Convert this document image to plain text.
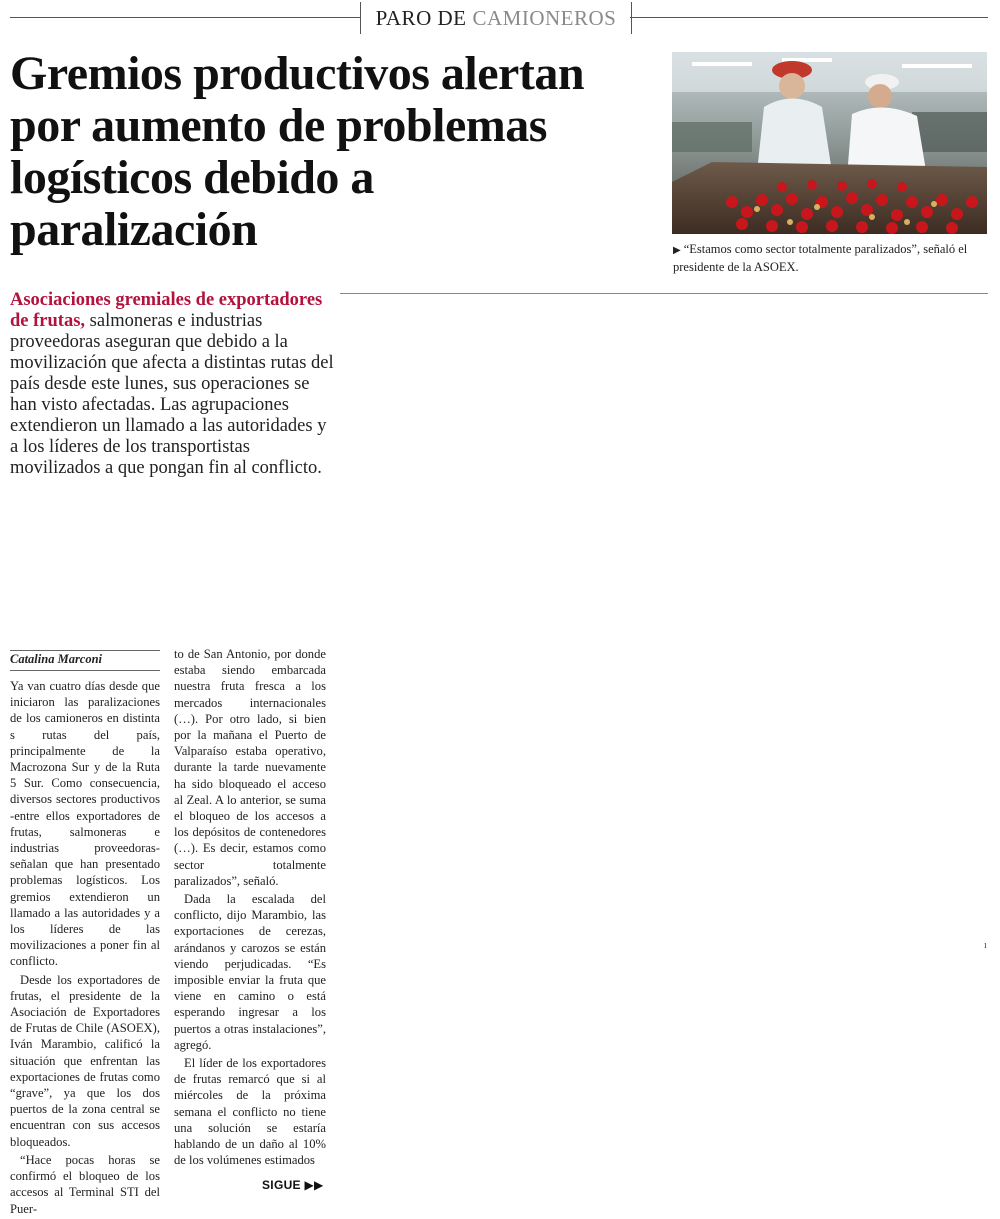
PARO DE CAMIONEROS
Gremios productivos alertan por aumento de problemas logísticos debido a paralización	▶ “Estamos como sector totalmente paralizados”, señaló el presidente de la ASOEX.

Asociaciones gremiales de exportadores de frutas, salmoneras e industrias proveedoras aseguran que debido a la movilización que afecta a distintas rutas del país desde este lunes, sus operaciones se han visto afectadas. Las agrupaciones extendieron un llamado a las autoridades y a los líderes de los transportistas movilizados a que pongan fin al conflicto.

Catalina Marconi

Ya van cuatro días desde que iniciaron las paralizaciones de los camioneros en distinta s rutas del país, principalmente de la Macrozona Sur y de la Ruta 5 Sur. Como consecuencia, diversos sectores productivos -entre ellos exportadores de frutas, salmoneras e industrias proveedoras- señalan que han presentado problemas logísticos. Los gremios extendieron un llamado a las autoridades y a los líderes de las movilizaciones a poner fin al conflicto.

Desde los exportadores de frutas, el presidente de la Asociación de Exportadores de Frutas de Chile (ASOEX), Iván Marambio, calificó la situación que enfrentan las exportaciones de frutas como “grave”, ya que los dos puertos de la zona central se encuentran con sus accesos bloqueados.

“Hace pocas horas se confirmó el bloqueo de los accesos al Terminal STI del Puer-

to de San Antonio, por donde estaba siendo embarcada nuestra fruta fresca a los mercados internacionales (…). Por otro lado, si bien por la mañana el Puerto de Valparaíso estaba operativo, durante la tarde nuevamente ha sido bloqueado el acceso al Zeal. A lo anterior, se suma el bloqueo de los accesos a los depósitos de contenedores (…). Es decir, estamos como sector totalmente paralizados”, señaló.

Dada la escalada del conflicto, dijo Marambio, las exportaciones de cerezas, arándanos y carozos se están viendo perjudicadas. “Es imposible enviar la fruta que viene en camino o está esperando ingresar a los puertos a otras instalaciones”, agregó.

El líder de los exportadores de frutas remarcó que si al miércoles de la próxima semana el conflicto no tiene una solución se estaría hablando de un daño al 10% de los volúmenes estimados

SIGUE ▶▶
ı
